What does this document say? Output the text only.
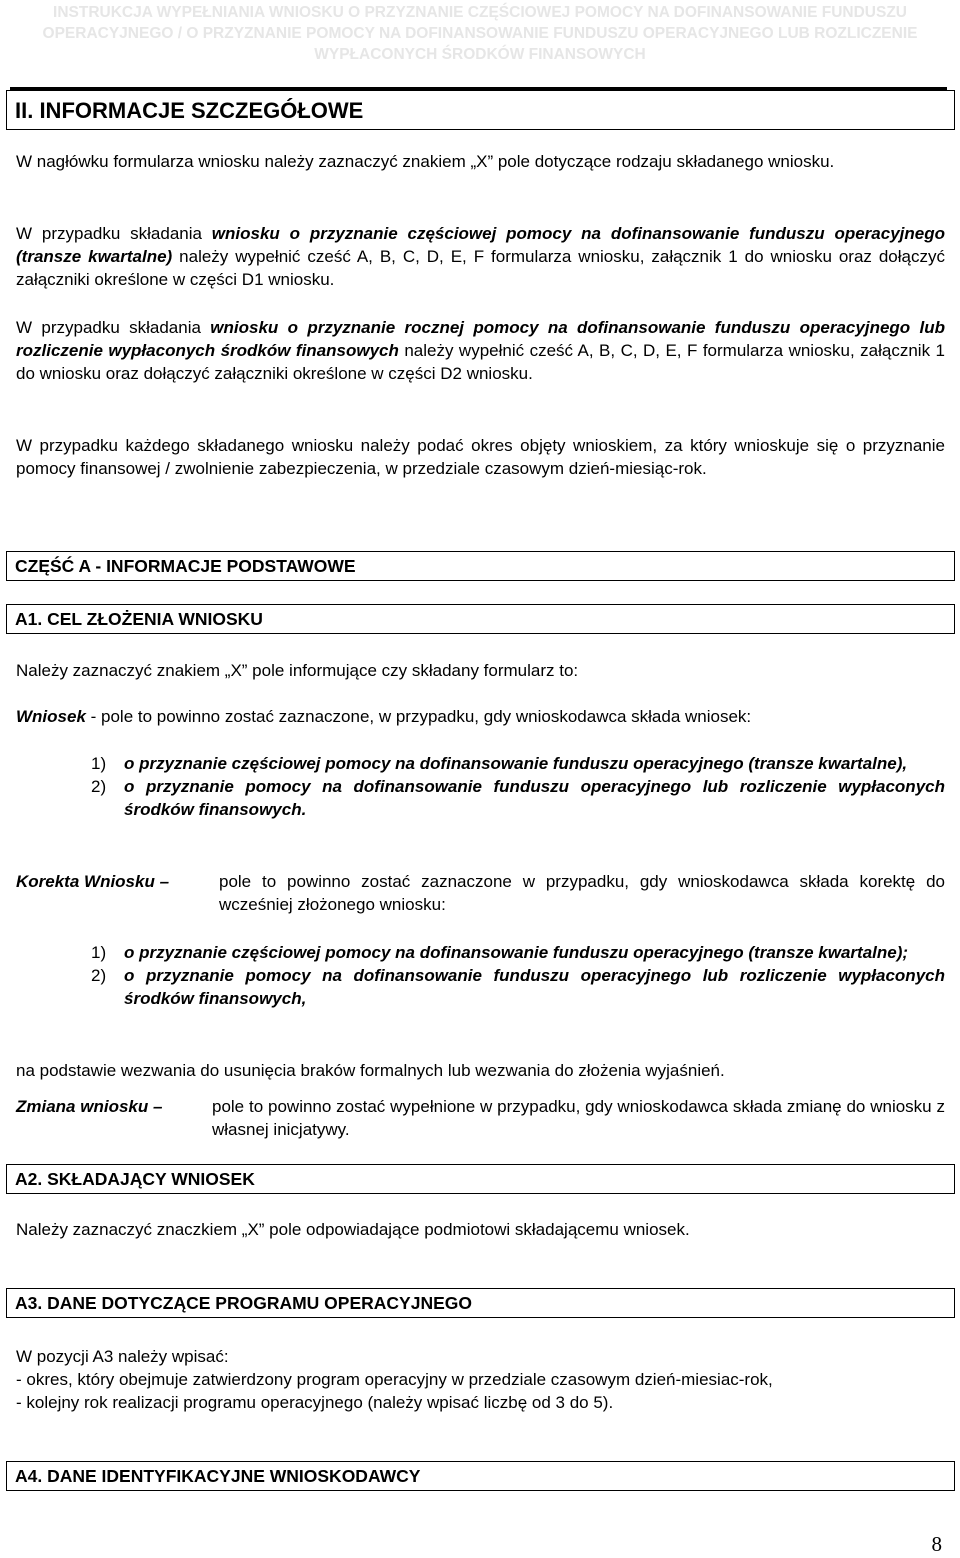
INSTRUKCJA WYPEŁNIANIA WNIOSKU O PRZYZNANIE CZĘŚCIOWEJ POMOCY NA DOFINANSOWANIE FUNDUSZU
OPERACYJNEGO / O PRZYZNANIE POMOCY NA DOFINANSOWANIE FUNDUSZU OPERACYJNEGO LUB ROZLICZENIE
WYPŁACONYCH ŚRODKÓW FINANSOWYCH
II. INFORMACJE SZCZEGÓŁOWE

W nagłówku formularza wniosku należy zaznaczyć znakiem „X” pole dotyczące rodzaju składanego wniosku.

W przypadku składania wniosku o przyznanie częściowej pomocy na dofinansowanie funduszu operacyjnego (transze kwartalne) należy wypełnić cześć A, B, C, D, E, F formularza wniosku, załącznik 1 do wniosku oraz dołączyć załączniki określone w części D1 wniosku.

W przypadku składania wniosku o przyznanie rocznej pomocy na dofinansowanie funduszu operacyjnego lub rozliczenie wypłaconych środków finansowych należy wypełnić cześć A, B, C, D, E, F formularza wniosku, załącznik 1 do wniosku oraz dołączyć załączniki określone w części D2 wniosku.

W przypadku każdego składanego wniosku należy podać okres objęty wnioskiem, za który wnioskuje się o przyznanie pomocy finansowej / zwolnienie zabezpieczenia, w przedziale czasowym dzień-miesiąc-rok.

CZĘŚĆ A - INFORMACJE PODSTAWOWE
A1. CEL ZŁOŻENIA WNIOSKU

Należy zaznaczyć znakiem „X” pole informujące czy składany formularz to:

Wniosek - pole to powinno zostać zaznaczone, w przypadku, gdy wnioskodawca składa wniosek:

1)	o przyznanie częściowej pomocy na dofinansowanie funduszu operacyjnego (transze kwartalne),
2)	o przyznanie pomocy na dofinansowanie funduszu operacyjnego lub rozliczenie wypłaconych środków finansowych.
Korekta Wniosku –	pole to powinno zostać zaznaczone w przypadku, gdy wnioskodawca składa korektę do wcześniej złożonego wniosku:
1)	o przyznanie częściowej pomocy na dofinansowanie funduszu operacyjnego (transze kwartalne);
2)	o przyznanie pomocy na dofinansowanie funduszu operacyjnego lub rozliczenie wypłaconych środków finansowych,

na podstawie wezwania do usunięcia braków formalnych lub wezwania do złożenia wyjaśnień.

Zmiana wniosku –	pole to powinno zostać wypełnione w przypadku, gdy wnioskodawca składa zmianę do wniosku z własnej inicjatywy.
A2. SKŁADAJĄCY WNIOSEK

Należy zaznaczyć znaczkiem „X” pole odpowiadające podmiotowi składającemu wniosek.

A3. DANE DOTYCZĄCE PROGRAMU OPERACYJNEGO
W pozycji A3 należy wpisać:
- okres, który obejmuje zatwierdzony program operacyjny w przedziale czasowym dzień-miesiac-rok,
- kolejny rok realizacji programu operacyjnego (należy wpisać liczbę od 3 do 5).
A4. DANE IDENTYFIKACYJNE WNIOSKODAWCY
8
